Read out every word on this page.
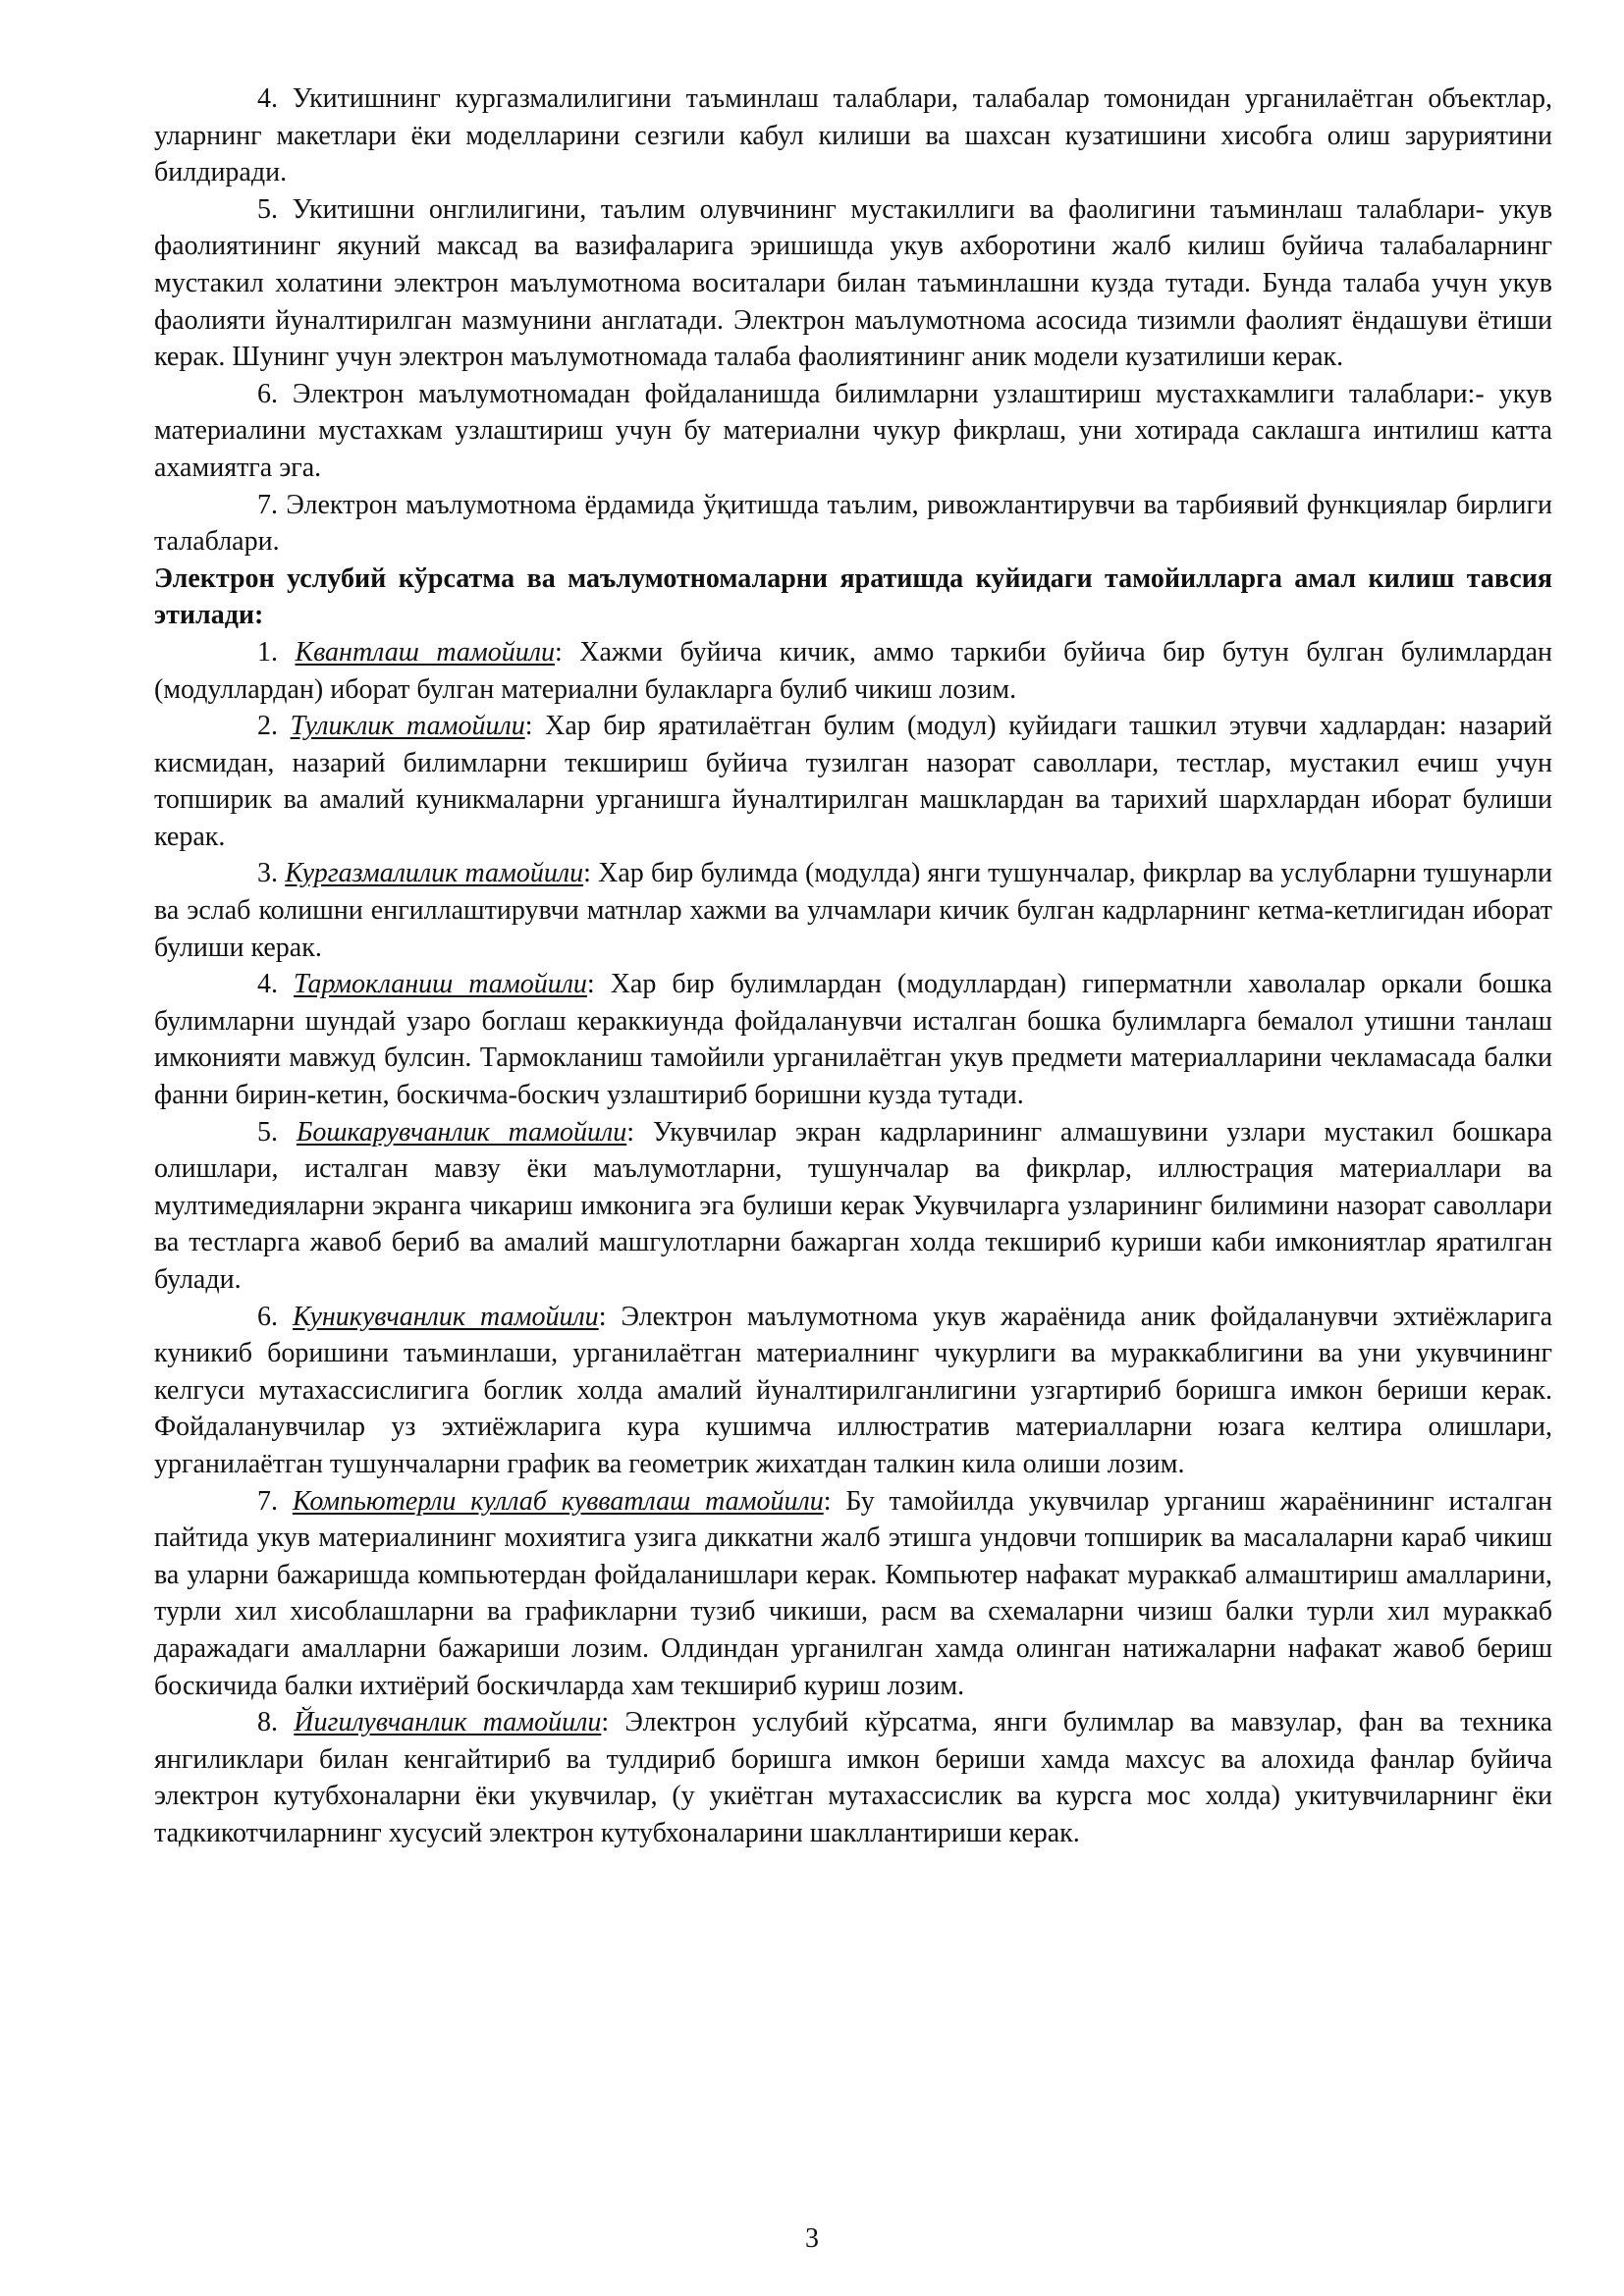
4. Укитишнинг кургазмалилигини таъминлаш талаблари, талабалар томонидан урганилаётган объектлар, уларнинг макетлари ёки моделларини сезгили кабул килиши ва шахсан кузатишини хисобга олиш заруриятини билдиради.

5. Укитишни онглилигини, таълим олувчининг мустакиллиги ва фаолигини таъминлаш талаблари- укув фаолиятининг якуний максад ва вазифаларига эришишда укув ахборотини жалб килиш буйича талабаларнинг мустакил холатини электрон маълумотнома воситалари билан таъминлашни кузда тутади. Бунда талаба учун укув фаолияти йуналтирилган мазмунини англатади. Электрон маълумотнома асосида тизимли фаолият ёндашуви ётиши керак. Шунинг учун электрон маълумотномада талаба фаолиятининг аник модели кузатилиши керак.

6. Электрон маълумотномадан фойдаланишда билимларни узлаштириш мустахкамлиги талаблари:- укув материалини мустахкам узлаштириш учун бу материални чукур фикрлаш, уни хотирада саклашга интилиш катта ахамиятга эга.

7. Электрон маълумотнома ёрдамида ўқитишда таълим, ривожлантирувчи ва тарбиявий функциялар бирлиги талаблари.

Электрон услубий кўрсатма ва маълумотномаларни яратишда куйидаги тамойилларга амал килиш тавсия этилади:

1. Квантлаш тамойили: Хажми буйича кичик, аммо таркиби буйича бир бутун булган булимлардан (модуллардан) иборат булган материални булакларга булиб чикиш лозим.

2. Туликлик тамойили: Хар бир яратилаётган булим (модул) куйидаги ташкил этувчи хадлардан: назарий кисмидан, назарий билимларни текшириш буйича тузилган назорат саволлари, тестлар, мустакил ечиш учун топширик ва амалий куникмаларни урганишга йуналтирилган машклардан ва тарихий шархлардан иборат булиши керак.

3. Кургазмалилик тамойили: Хар бир булимда (модулда) янги тушунчалар, фикрлар ва услубларни тушунарли ва эслаб колишни енгиллаштирувчи матнлар хажми ва улчамлари кичик булган кадрларнинг кетма-кетлигидан иборат булиши керак.

4. Тармокланиш тамойили: Хар бир булимлардан (модуллардан) гиперматнли хаволалар оркали бошка булимларни шундай узаро боглаш кераккиунда фойдаланувчи исталган бошка булимларга бемалол утишни танлаш имконияти мавжуд булсин. Тармокланиш тамойили урганилаётган укув предмети материалларини чекламасада балки фанни бирин-кетин, боскичма-боскич узлаштириб боришни кузда тутади.

5. Бошкарувчанлик тамойили: Укувчилар экран кадрларининг алмашувини узлари мустакил бошкара олишлари, исталган мавзу ёки маълумотларни, тушунчалар ва фикрлар, иллюстрация материаллари ва мултимедияларни экранга чикариш имконига эга булиши керак Укувчиларга узларининг билимини назорат саволлари ва тестларга жавоб бериб ва амалий машгулотларни бажарган холда текшириб куриши каби имкониятлар яратилган булади.

6. Куникувчанлик тамойили: Электрон маълумотнома укув жараёнида аник фойдаланувчи эхтиёжларига куникиб боришини таъминлаши, урганилаётган материалнинг чукурлиги ва мураккаблигини ва уни укувчининг келгуси мутахассислигига боглик холда амалий йуналтирилганлигини узгартириб боришга имкон бериши керак. Фойдаланувчилар уз эхтиёжларига кура кушимча иллюстратив материалларни юзага келтира олишлари, урганилаётган тушунчаларни график ва геометрик жихатдан талкин кила олиши лозим.

7. Компьютерли куллаб кувватлаш тамойили: Бу тамойилда укувчилар урганиш жараёнининг исталган пайтида укув материалининг мохиятига узига диккатни жалб этишга ундовчи топширик ва масалаларни караб чикиш ва уларни бажаришда компьютердан фойдаланишлари керак. Компьютер нафакат мураккаб алмаштириш амалларини, турли хил хисоблашларни ва графикларни тузиб чикиши, расм ва схемаларни чизиш балки турли хил мураккаб даражадаги амалларни бажариши лозим. Олдиндан урганилган хамда олинган натижаларни нафакат жавоб бериш боскичида балки ихтиёрий боскичларда хам текшириб куриш лозим.

8. Йигилувчанлик тамойили: Электрон услубий кўрсатма, янги булимлар ва мавзулар, фан ва техника янгиликлари билан кенгайтириб ва тулдириб боришга имкон бериши хамда махсус ва алохида фанлар буйича электрон кутубхоналарни ёки укувчилар, (у укиётган мутахассислик ва курсга мос холда) укитувчиларнинг ёки тадкикотчиларнинг хусусий электрон кутубхоналарини шакллантириши керак.

3
